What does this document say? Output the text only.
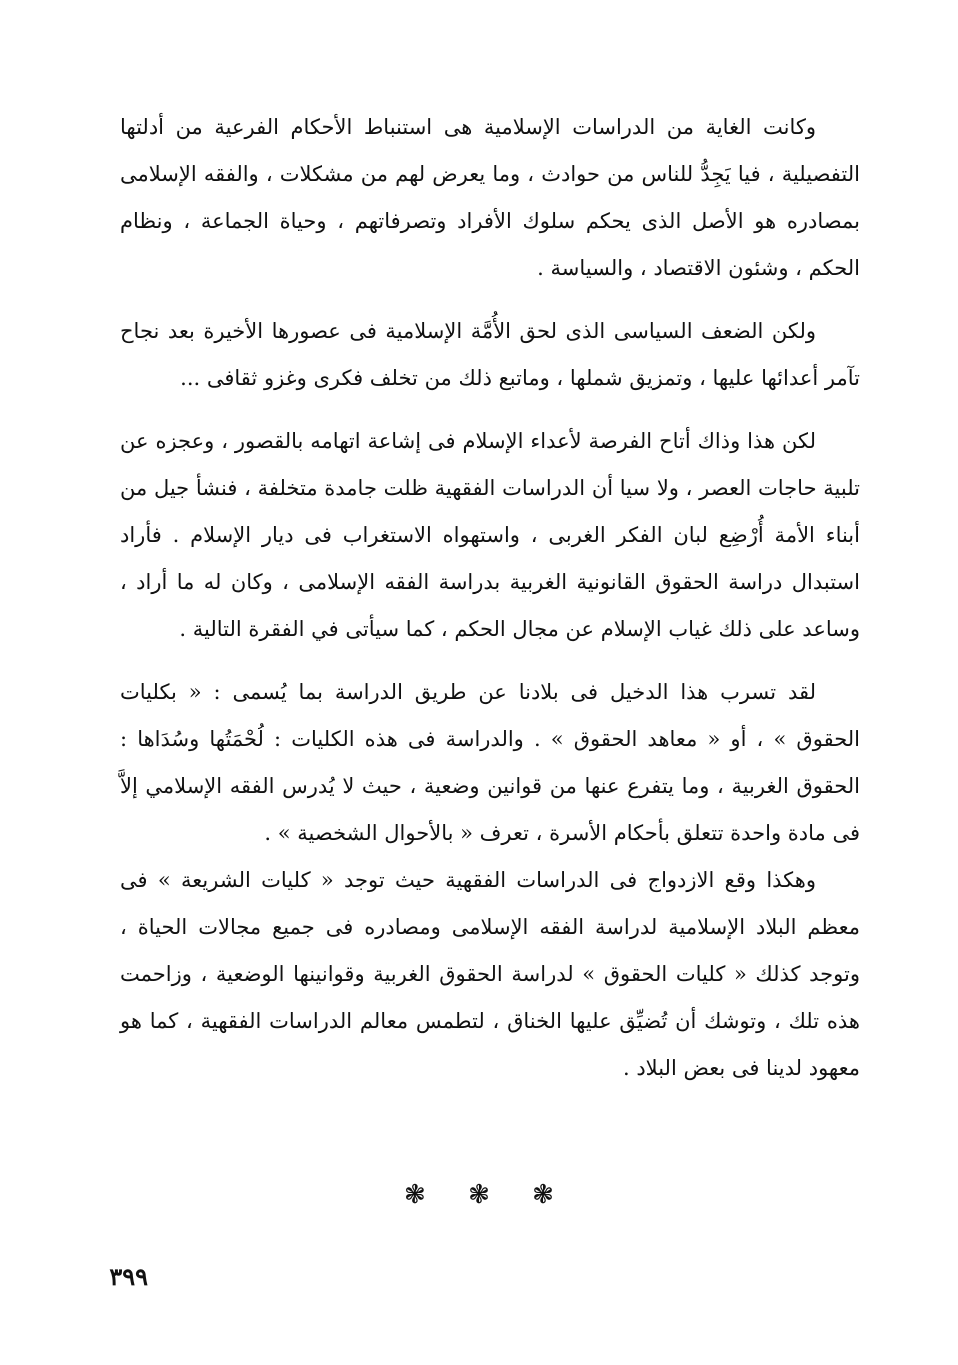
وكانت الغاية من الدراسات الإسلامية هى استنباط الأحكام الفرعية من أدلتها التفصيلية ، فيا يَجِدُّ للناس من حوادث ، وما يعرض لهم من مشكلات ، والفقه الإسلامى بمصادره هو الأصل الذى يحكم سلوك الأفراد وتصرفاتهم ، وحياة الجماعة ، ونظام الحكم ، وشئون الاقتصاد ، والسياسة .

ولكن الضعف السياسى الذى لحق الأُمَّة الإسلامية فى عصورها الأخيرة بعد نجاح تآمر أعدائها عليها ، وتمزيق شملها ، وماتبع ذلك من تخلف فكرى وغزو ثقافى ...

لكن هذا وذاك أتاح الفرصة لأعداء الإسلام فى إشاعة اتهامه بالقصور ، وعجزه عن تلبية حاجات العصر ، ولا سيا أن الدراسات الفقهية ظلت جامدة متخلفة ، فنشأ جيل من أبناء الأمة أُرْضِع لبان الفكر الغربى ، واستهواه الاستغراب فى ديار الإسلام . فأراد استبدال دراسة الحقوق القانونية الغربية بدراسة الفقه الإسلامى ، وكان له ما أراد ، وساعد على ذلك غياب الإسلام عن مجال الحكم ، كما سيأتى في الفقرة التالية .

لقد تسرب هذا الدخيل فى بلادنا عن طريق الدراسة بما يُسمى : « بكليات الحقوق » ، أو « معاهد الحقوق » . والدراسة فى هذه الكليات : لُحْمَتُها وسُدَاها : الحقوق الغربية ، وما يتفرع عنها من قوانين وضعية ، حيث لا يُدرس الفقه الإسلامي إلاَّ فى مادة واحدة تتعلق بأحكام الأسرة ، تعرف « بالأحوال الشخصية » .

وهكذا وقع الازدواج فى الدراسات الفقهية حيث توجد « كليات الشريعة » فى معظم البلاد الإسلامية لدراسة الفقه الإسلامى ومصادره فى جميع مجالات الحياة ، وتوجد كذلك « كليات الحقوق » لدراسة الحقوق الغربية وقوانينها الوضعية ، وزاحمت هذه تلك ، وتوشك أن تُضيِّق عليها الخناق ، لتطمس معالم الدراسات الفقهية ، كما هو معهود لدينا فى بعض البلاد .

❃ ❃ ❃
٣٩٩
